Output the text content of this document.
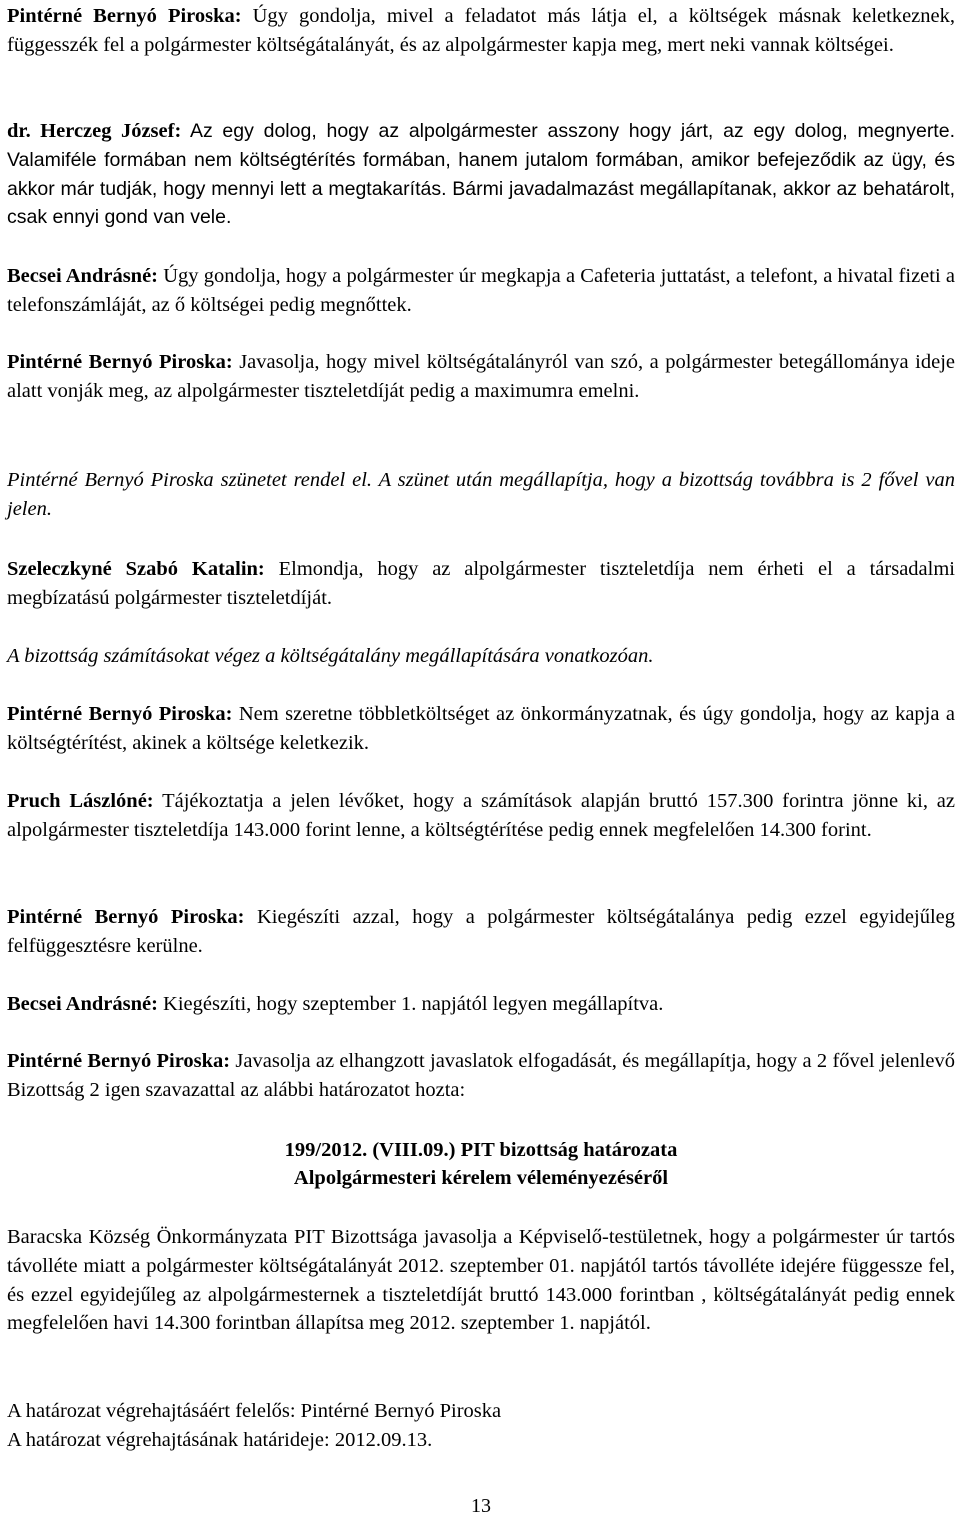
Pintérné Bernyó Piroska: Úgy gondolja, mivel a feladatot más látja el, a költségek másnak keletkeznek, függesszék fel a polgármester költségátalányát, és az alpolgármester kapja meg, mert neki vannak költségei.

dr. Herczeg József: Az egy dolog, hogy az alpolgármester asszony hogy járt, az egy dolog, megnyerte. Valamiféle formában nem költségtérítés formában, hanem jutalom formában, amikor befejeződik az ügy, és akkor már tudják, hogy mennyi lett a megtakarítás. Bármi javadalmazást megállapítanak, akkor az behatárolt, csak ennyi gond van vele.

Becsei Andrásné: Úgy gondolja, hogy a polgármester úr megkapja a Cafeteria juttatást, a telefont, a hivatal fizeti a telefonszámláját, az ő költségei pedig megnőttek.

Pintérné Bernyó Piroska: Javasolja, hogy mivel költségátalányról van szó, a polgármester betegállománya ideje alatt vonják meg, az alpolgármester tiszteletdíját pedig a maximumra emelni.

Pintérné Bernyó Piroska szünetet rendel el. A szünet után megállapítja, hogy a bizottság továbbra is 2 fővel van jelen.

Szeleczkyné Szabó Katalin: Elmondja, hogy az alpolgármester tiszteletdíja nem érheti el a társadalmi megbízatású polgármester tiszteletdíját.

A bizottság számításokat végez a költségátalány megállapítására vonatkozóan.

Pintérné Bernyó Piroska: Nem szeretne többletköltséget az önkormányzatnak, és úgy gondolja, hogy az kapja a költségtérítést, akinek a költsége keletkezik.

Pruch Lászlóné: Tájékoztatja a jelen lévőket, hogy a számítások alapján bruttó 157.300 forintra jönne ki, az alpolgármester tiszteletdíja 143.000 forint lenne, a költségtérítése pedig ennek megfelelően 14.300 forint.

Pintérné Bernyó Piroska: Kiegészíti azzal, hogy a polgármester költségátalánya pedig ezzel egyidejűleg felfüggesztésre kerülne.

Becsei Andrásné: Kiegészíti, hogy szeptember 1. napjától legyen megállapítva.

Pintérné Bernyó Piroska: Javasolja az elhangzott javaslatok elfogadását, és megállapítja, hogy a 2 fővel jelenlevő Bizottság 2 igen szavazattal az alábbi határozatot hozta:

199/2012. (VIII.09.) PIT bizottság határozata

Alpolgármesteri kérelem véleményezéséről

Baracska Község Önkormányzata PIT Bizottsága javasolja a Képviselő-testületnek, hogy a polgármester úr tartós távolléte miatt a polgármester költségátalányát 2012. szeptember 01. napjától tartós távolléte idejére függessze fel, és ezzel egyidejűleg az alpolgármesternek a tiszteletdíját bruttó 143.000 forintban , költségátalányát pedig ennek megfelelően havi 14.300 forintban állapítsa meg 2012. szeptember 1. napjától.

A határozat végrehajtásáért felelős: Pintérné Bernyó Piroska

A határozat végrehajtásának határideje: 2012.09.13.

13
